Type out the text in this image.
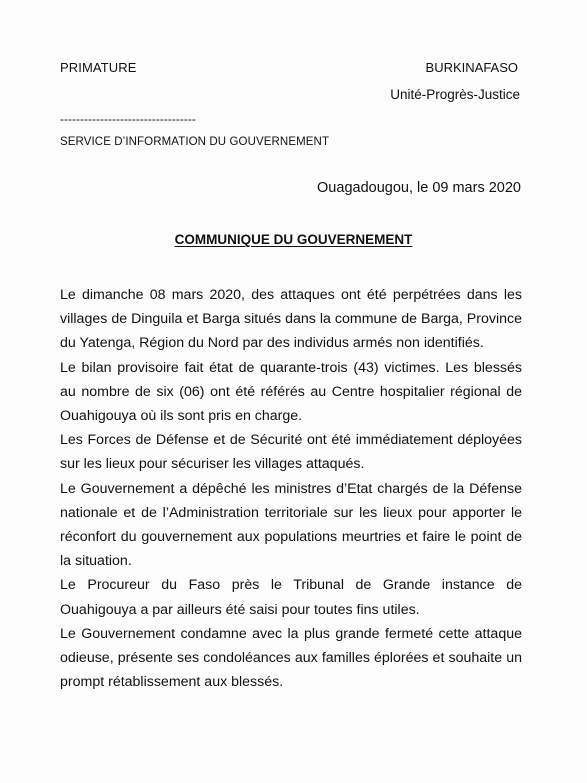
PRIMATURE	BURKINAFASO
Unité-Progrès-Justice
----------------------------------
SERVICE D’INFORMATION DU GOUVERNEMENT
Ouagadougou, le 09 mars 2020
COMMUNIQUE DU GOUVERNEMENT

Le dimanche 08 mars 2020, des attaques ont été perpétrées dans les villages de Dinguila et Barga situés dans la commune de Barga, Province du Yatenga, Région du Nord par des individus armés non identifiés.

Le bilan provisoire fait état de quarante-trois (43) victimes. Les blessés au nombre de six (06) ont été référés au Centre hospitalier régional de Ouahigouya où ils sont pris en charge.

Les Forces de Défense et de Sécurité ont été immédiatement déployées sur les lieux pour sécuriser les villages attaqués.

Le Gouvernement a dépêché les ministres d’Etat chargés de la Défense nationale et de l’Administration territoriale sur les lieux pour apporter le réconfort du gouvernement aux populations meurtries et faire le point de la situation.

Le Procureur du Faso près le Tribunal de Grande instance de Ouahigouya a par ailleurs été saisi pour toutes fins utiles.

Le Gouvernement condamne avec la plus grande fermeté cette attaque odieuse, présente ses condoléances aux familles éplorées et souhaite un prompt rétablissement aux blessés.
